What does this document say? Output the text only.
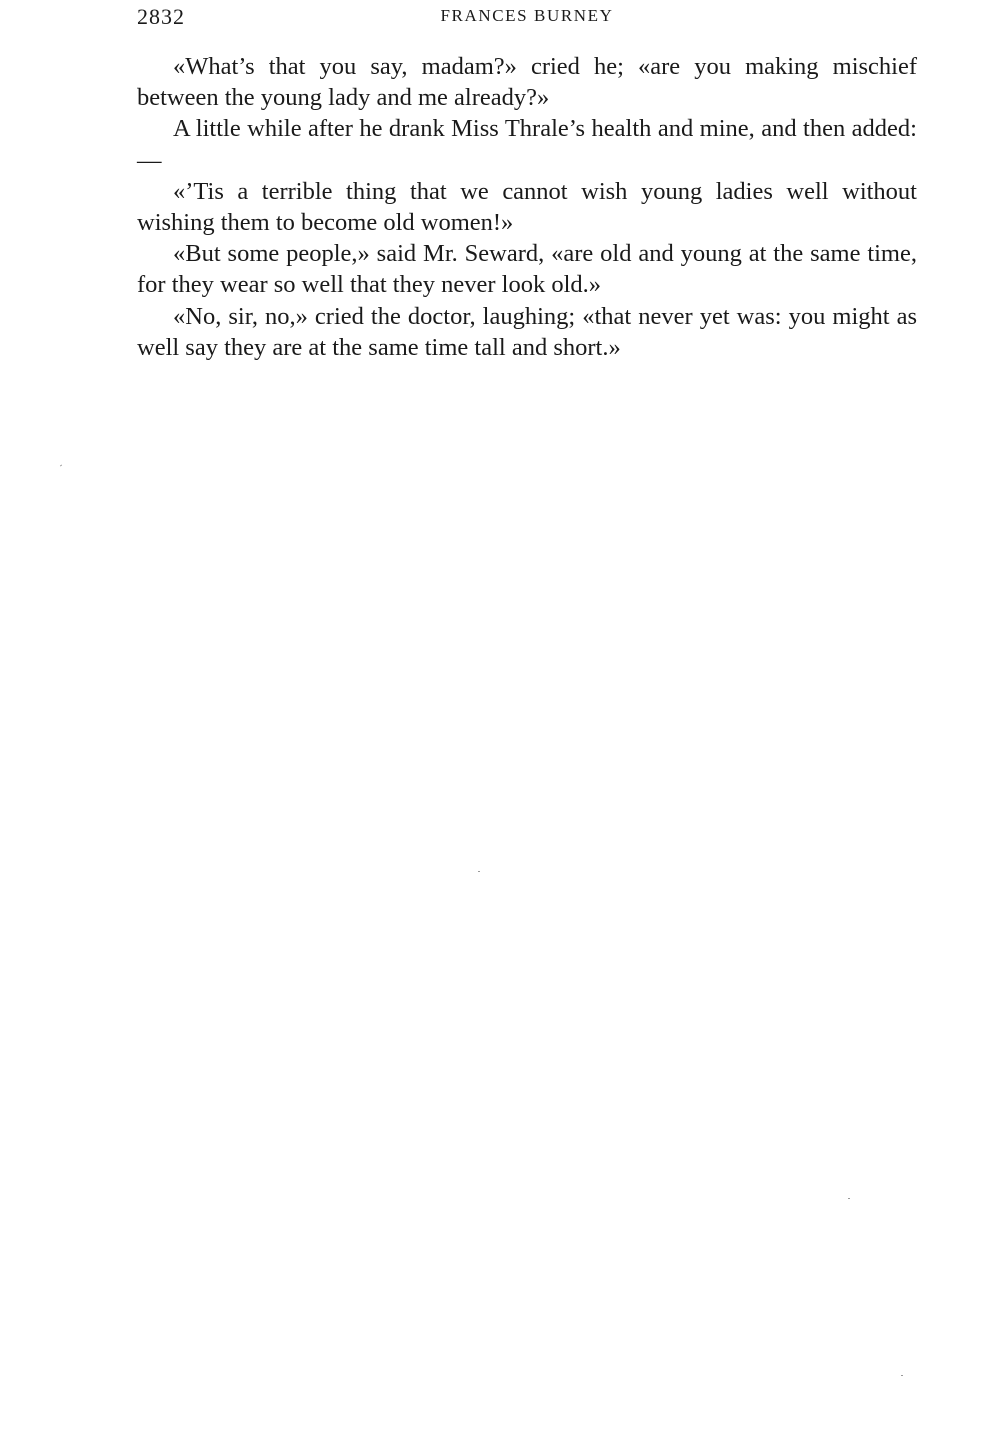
2832	FRANCES BURNEY

«What’s that you say, madam?» cried he; «are you making mischief between the young lady and me already?»

A little while after he drank Miss Thrale’s health and mine, and then added: —

«’Tis a terrible thing that we cannot wish young ladies well without wishing them to become old women!»

«But some people,» said Mr. Seward, «are old and young at the same time, for they wear so well that they never look old.»

«No, sir, no,» cried the doctor, laughing; «that never yet was: you might as well say they are at the same time tall and short.»
